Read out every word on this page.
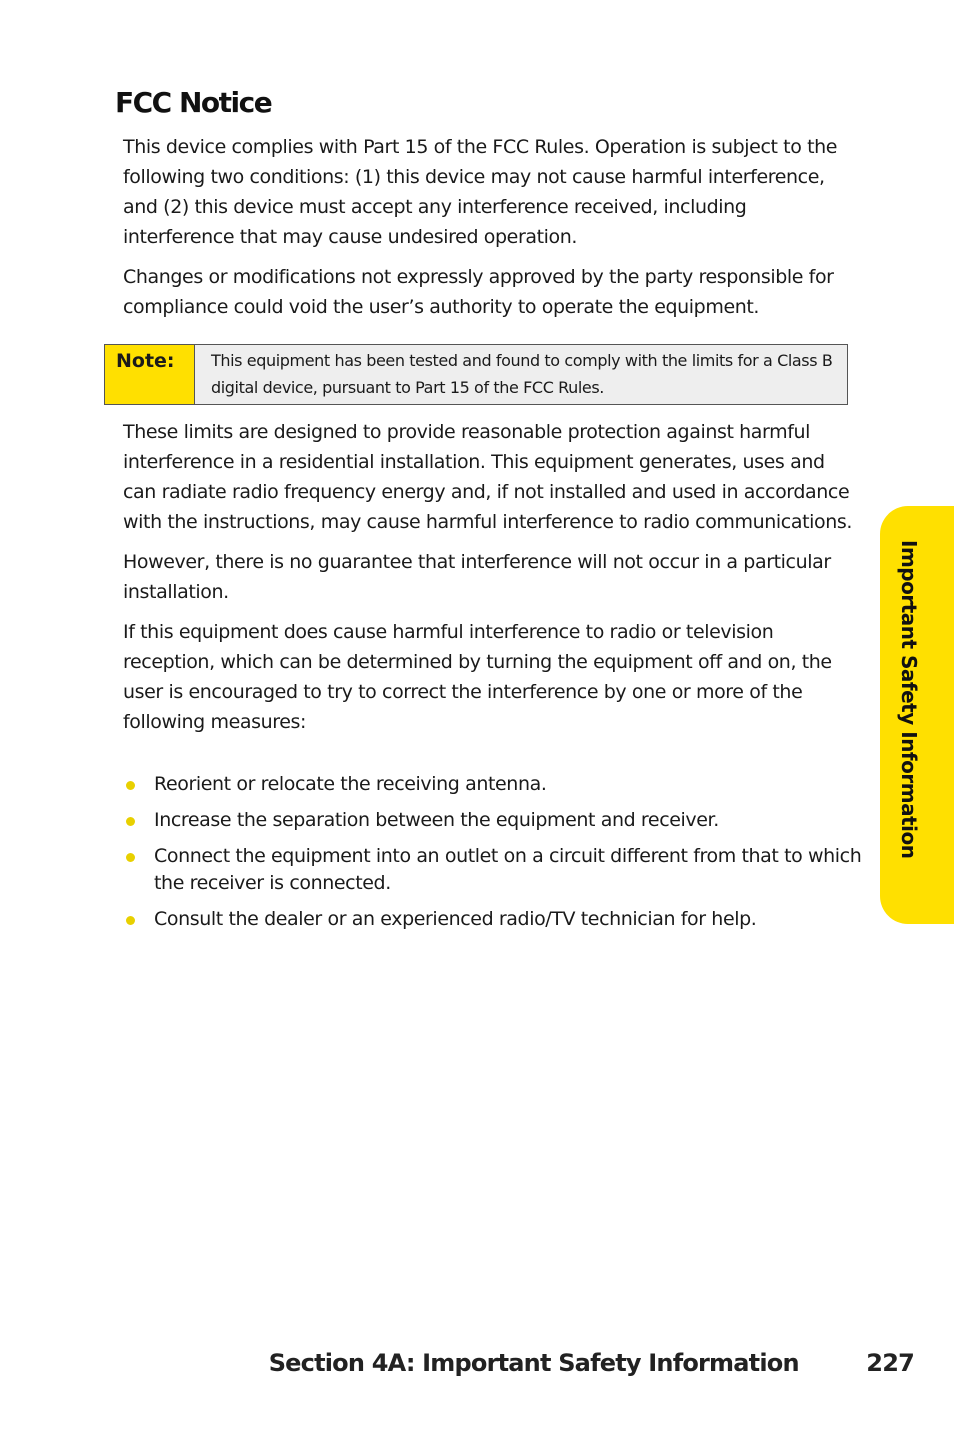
FCC Notice

This device complies with Part 15 of the FCC Rules. Operation is subject to the following two conditions: (1) this device may not cause harmful interference, and (2) this device must accept any interference received, including interference that may cause undesired operation.

Changes or modifications not expressly approved by the party responsible for compliance could void the user’s authority to operate the equipment.

Note:	This equipment has been tested and found to comply with the limits for a Class B digital device, pursuant to Part 15 of the FCC Rules.

These limits are designed to provide reasonable protection against harmful interference in a residential installation. This equipment generates, uses and can radiate radio frequency energy and, if not installed and used in accordance with the instructions, may cause harmful interference to radio communications.

However, there is no guarantee that interference will not occur in a particular installation.

If this equipment does cause harmful interference to radio or television reception, which can be determined by turning the equipment off and on, the user is encouraged to try to correct the interference by one or more of the following measures:

Reorient or relocate the receiving antenna.
Increase the separation between the equipment and receiver.
Connect the equipment into an outlet on a circuit different from that to which the receiver is connected.
Consult the dealer or an experienced radio/TV technician for help.
Important Safety Information
Section 4A: Important Safety Information	227
